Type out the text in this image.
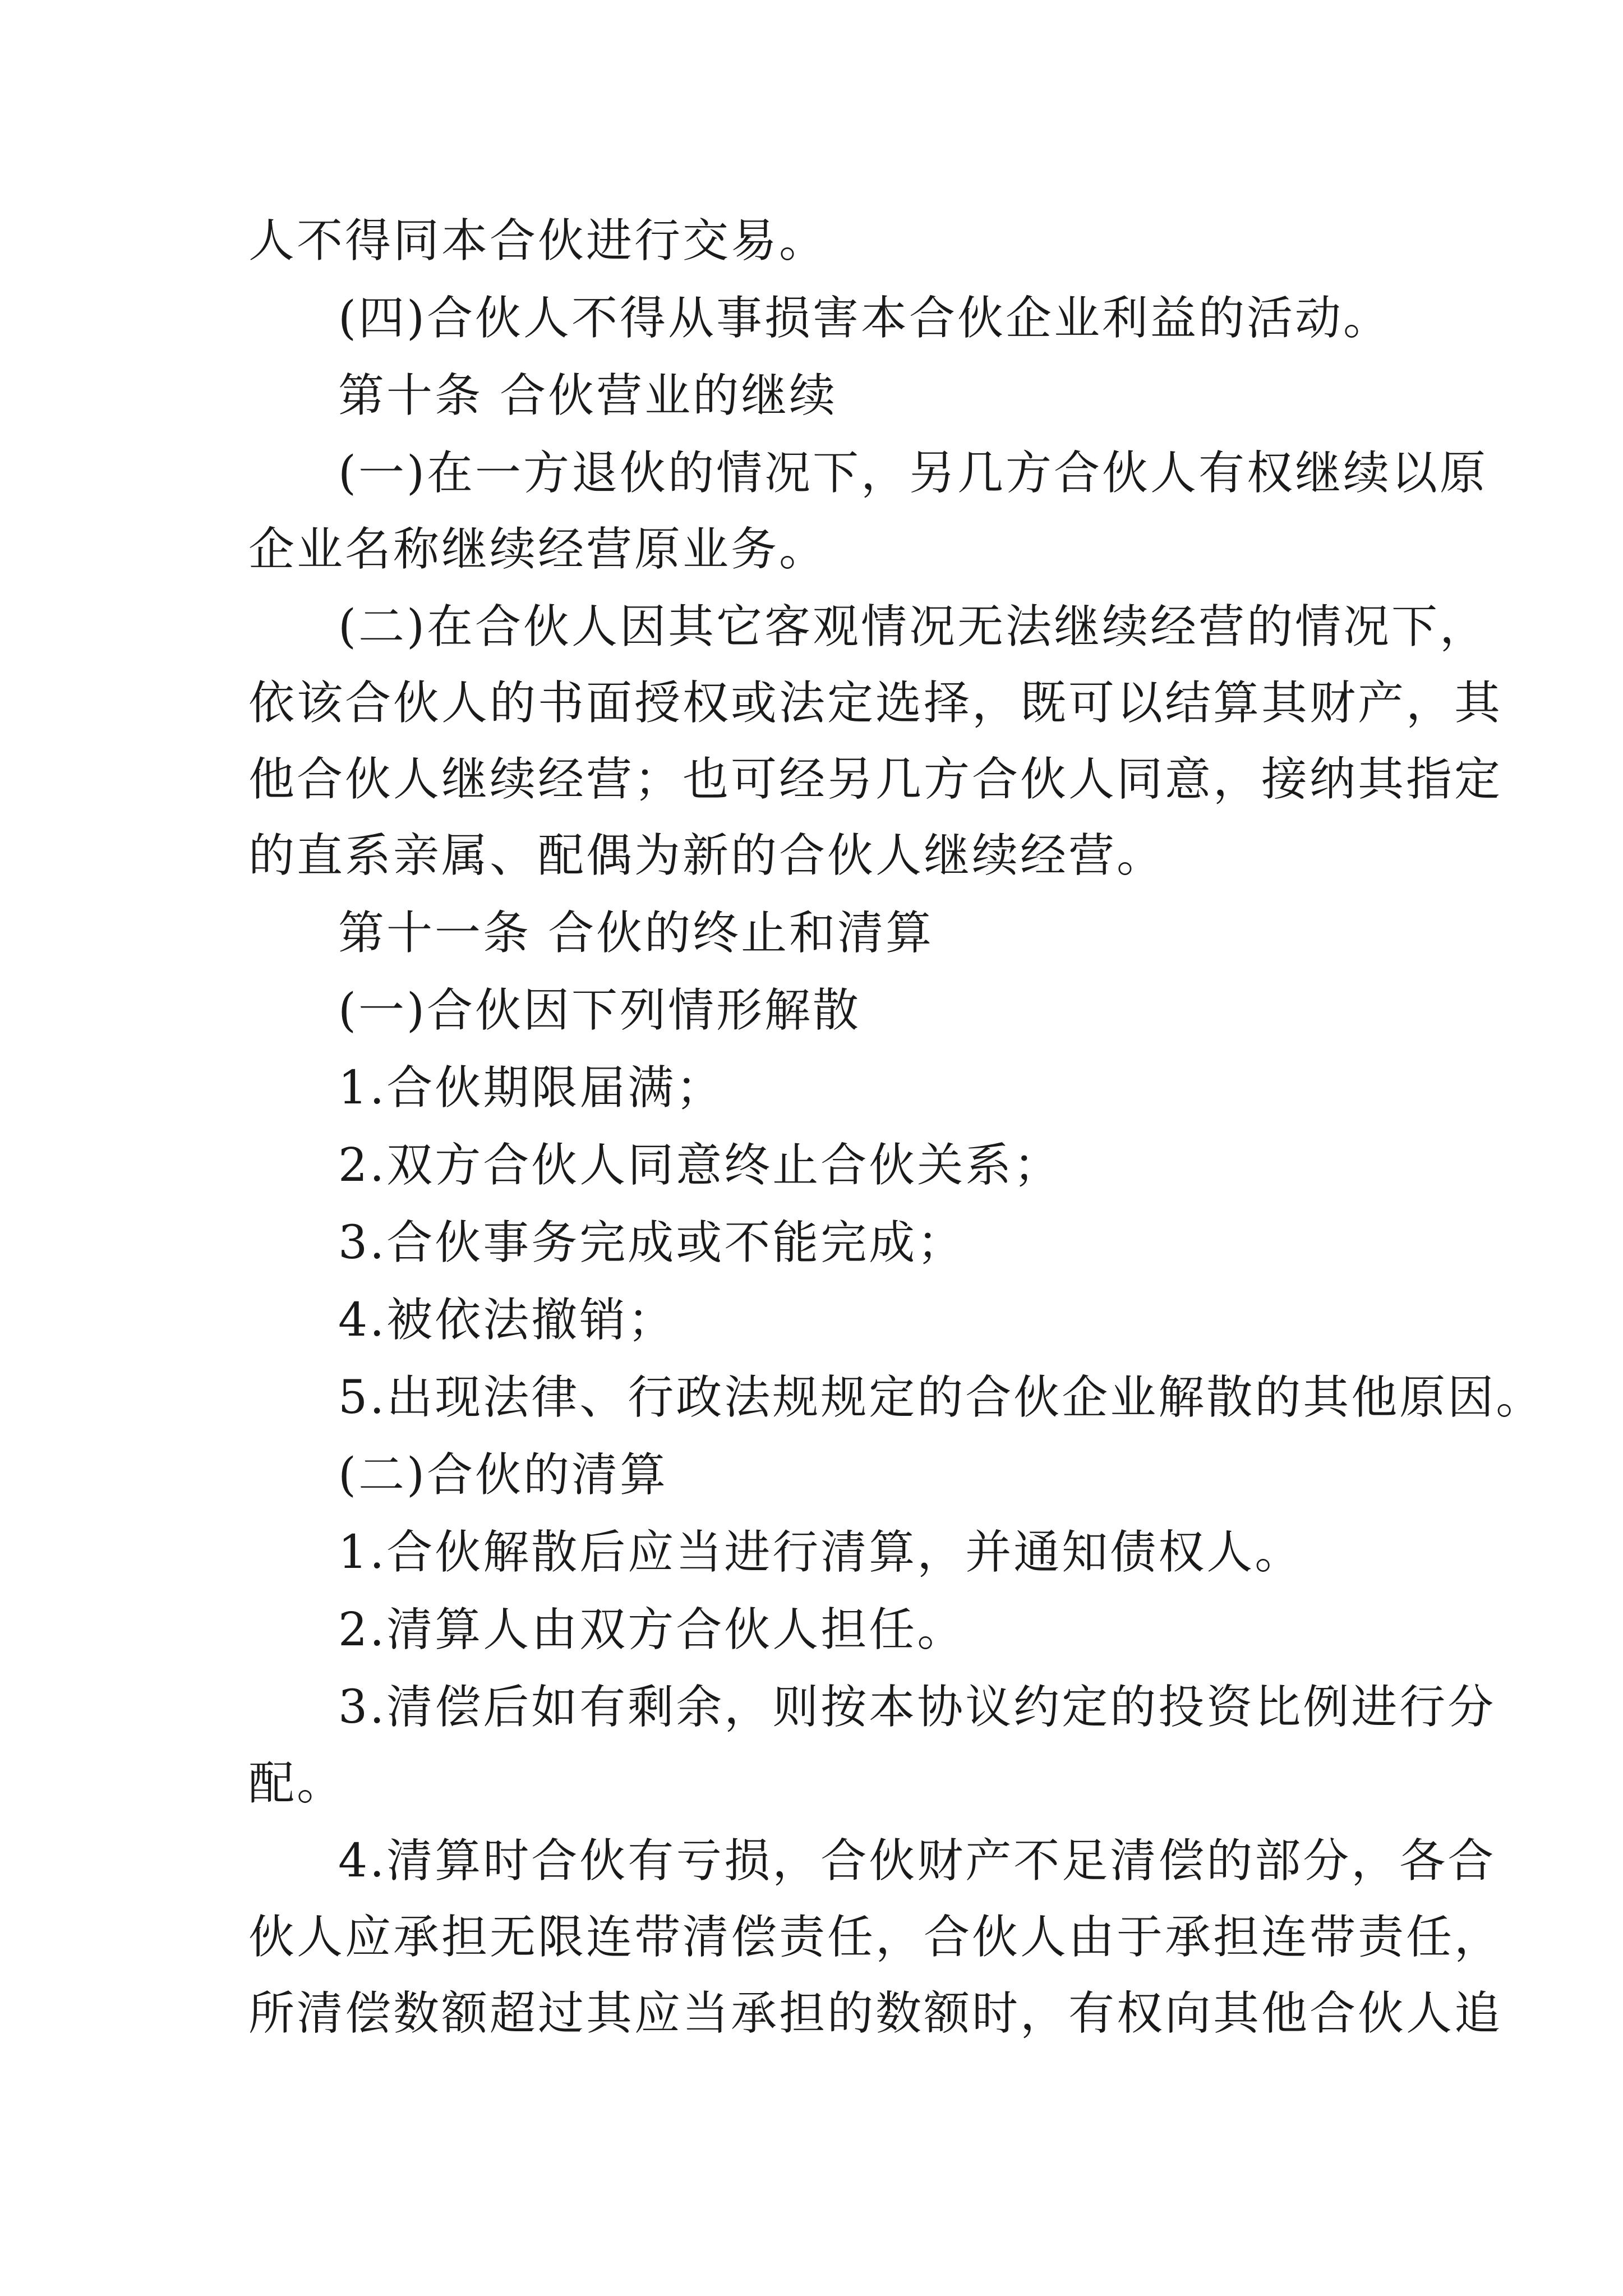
人不得同本合伙进行交易。

(四)合伙人不得从事损害本合伙企业利益的活动。

第十条 合伙营业的继续

(一)在一方退伙的情况下，另几方合伙人有权继续以原

企业名称继续经营原业务。

(二)在合伙人因其它客观情况无法继续经营的情况下，

依该合伙人的书面授权或法定选择，既可以结算其财产，其

他合伙人继续经营；也可经另几方合伙人同意，接纳其指定

的直系亲属、配偶为新的合伙人继续经营。

第十一条 合伙的终止和清算

(一)合伙因下列情形解散

1.合伙期限届满；

2.双方合伙人同意终止合伙关系；

3.合伙事务完成或不能完成；

4.被依法撤销；

5.出现法律、行政法规规定的合伙企业解散的其他原因。

(二)合伙的清算

1.合伙解散后应当进行清算，并通知债权人。

2.清算人由双方合伙人担任。

3.清偿后如有剩余，则按本协议约定的投资比例进行分

配。

4.清算时合伙有亏损，合伙财产不足清偿的部分，各合

伙人应承担无限连带清偿责任，合伙人由于承担连带责任，

所清偿数额超过其应当承担的数额时，有权向其他合伙人追
